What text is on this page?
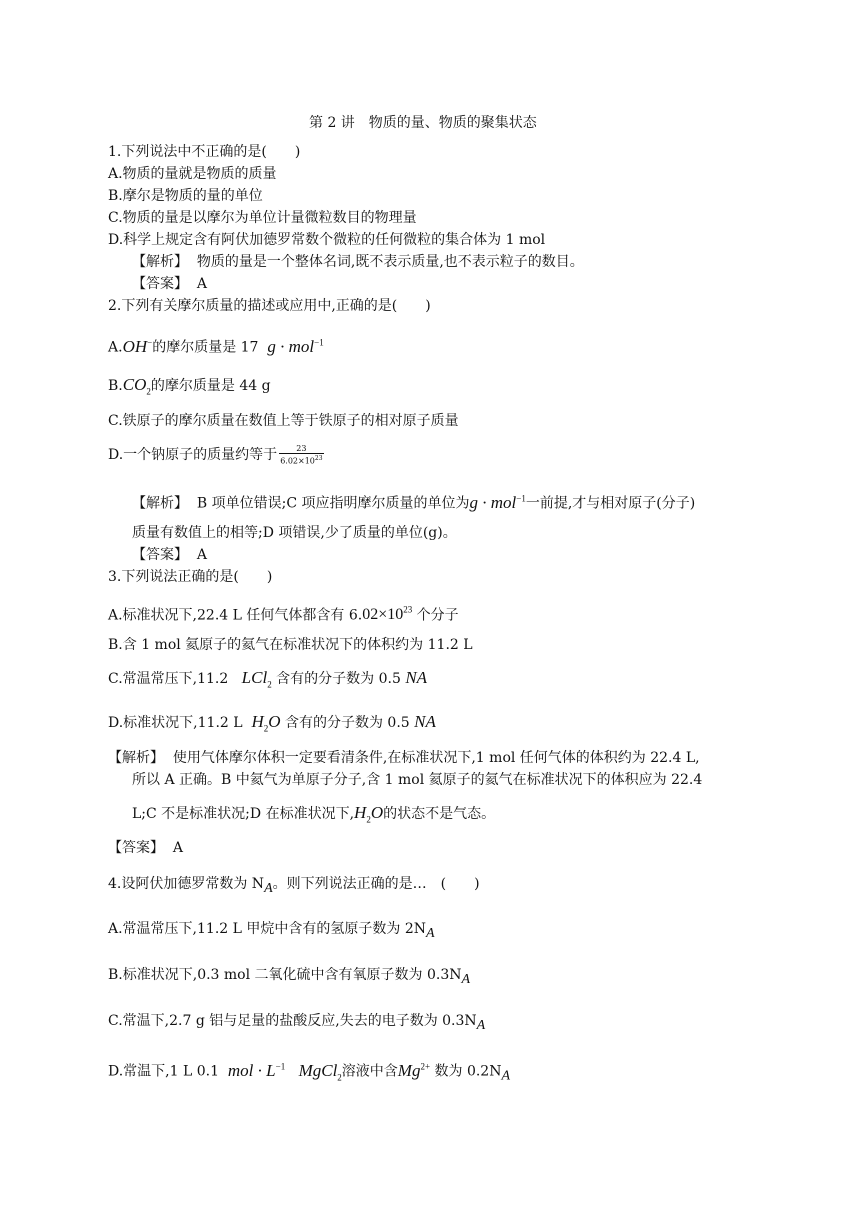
第 2 讲　物质的量、物质的聚集状态
1.下列说法中不正确的是(　　)
A.物质的量就是物质的质量
B.摩尔是物质的量的单位
C.物质的量是以摩尔为单位计量微粒数目的物理量
D.科学上规定含有阿伏加德罗常数个微粒的任何微粒的集合体为 1 mol
【解析】 物质的量是一个整体名词,既不表示质量,也不表示粒子的数目。
【答案】 A
2.下列有关摩尔质量的描述或应用中,正确的是(　　)
A.OH−的摩尔质量是 17 g · mol$^{-1}$
$B.CO_2$的摩尔质量是 44 g
C.铁原子的摩尔质量在数值上等于铁原子的相对原子质量
D.一个钠原子的质量约等于 $\frac{23}{6.02\times 10^{23}}$
【解析】 B 项单位错误;C 项应指明摩尔质量的单位为g · mol$^{-1}$一前提,才与相对原子(分子)
质量有数值上的相等;D 项错误,少了质量的单位(g)。
【答案】 A
3.下列说法正确的是(　　)
A.标准状况下,22.4 L 任何气体都含有 $6.02\times 10^{23}$ 个分子
B.含 1 mol 氦原子的氦气在标准状况下的体积约为 11.2 L
C.常温常压下,11.2 LCl$_2$ 含有的分子数为 0.5 NA
D.标准状况下,11.2 L $H_2O$ 含有的分子数为 0.5 NA
【解析】 使用气体摩尔体积一定要看清条件,在标准状况下,1 mol 任何气体的体积约为 22.4 L,
所以 A 正确。B 中氦气为单原子分子,含 1 mol 氦原子的氦气在标准状况下的体积应为 22.4
L;C 不是标准状况;D 在标准状况下$,H_2O$的状态不是气态。
【答案】 A
4.设阿伏加德罗常数为 $N_A$。则下列说法正确的是…　(　　)
A.常温常压下,11.2 L 甲烷中含有的氢原子数为 $2N_A$
B.标准状况下,0.3 mol 二氧化硫中含有氧原子数为 $0.3N_A$
C.常温下,2.7 g 铝与足量的盐酸反应,失去的电子数为 $0.3N_A$
D.常温下,1 L 0.1 mol · $L^{-1}$ MgCl$_2$溶液中含$Mg^{2+}$ 数为 $0.2N_A$
